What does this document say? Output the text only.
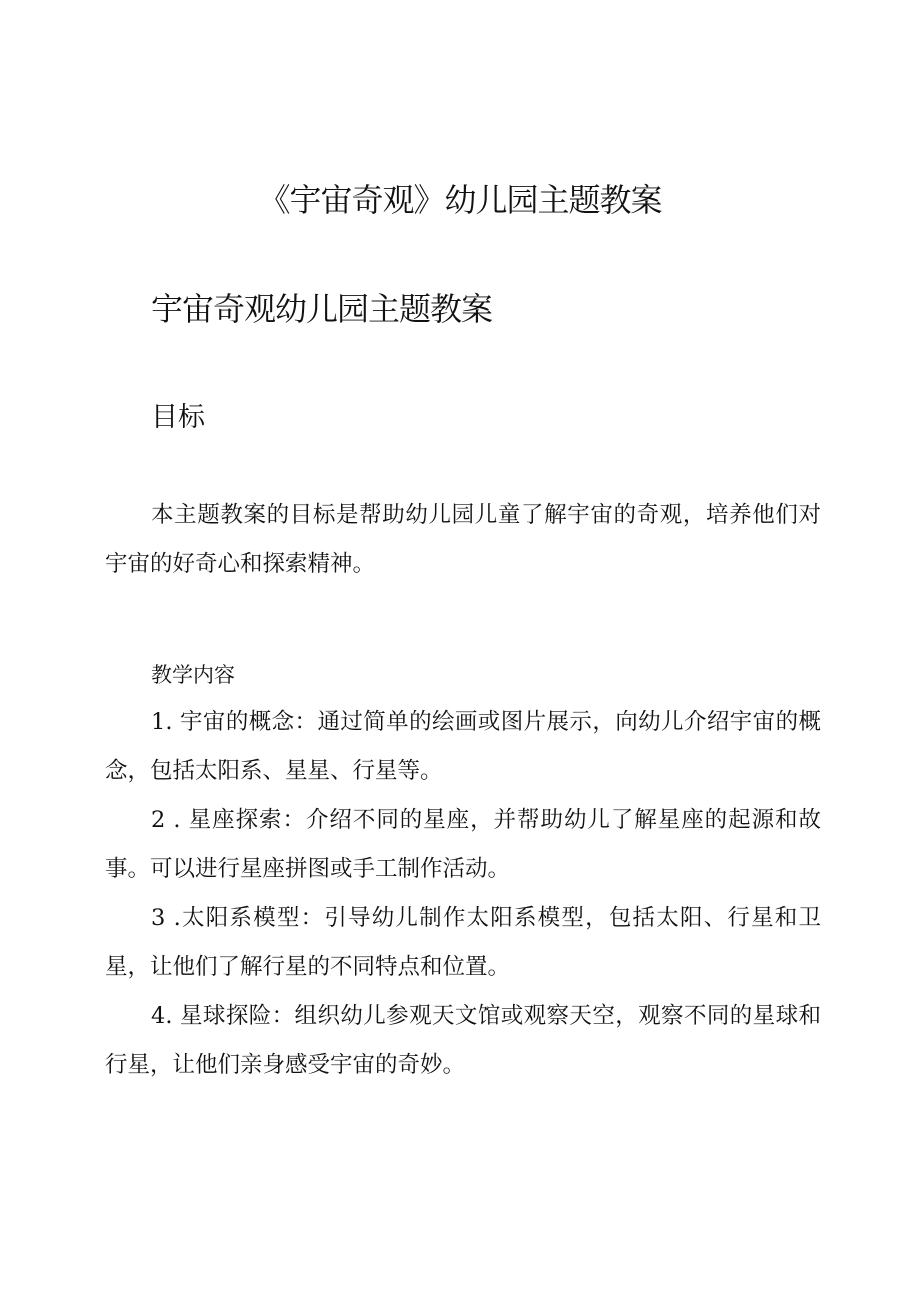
《宇宙奇观》幼儿园主题教案
宇宙奇观幼儿园主题教案
目标

本主题教案的目标是帮助幼儿园儿童了解宇宙的奇观，培养他们对宇宙的好奇心和探索精神。

教学内容

1. 宇宙的概念：通过简单的绘画或图片展示，向幼儿介绍宇宙的概念，包括太阳系、星星、行星等。

2 . 星座探索：介绍不同的星座，并帮助幼儿了解星座的起源和故事。可以进行星座拼图或手工制作活动。

3 .太阳系模型：引导幼儿制作太阳系模型，包括太阳、行星和卫星，让他们了解行星的不同特点和位置。

4. 星球探险：组织幼儿参观天文馆或观察天空，观察不同的星球和行星，让他们亲身感受宇宙的奇妙。
